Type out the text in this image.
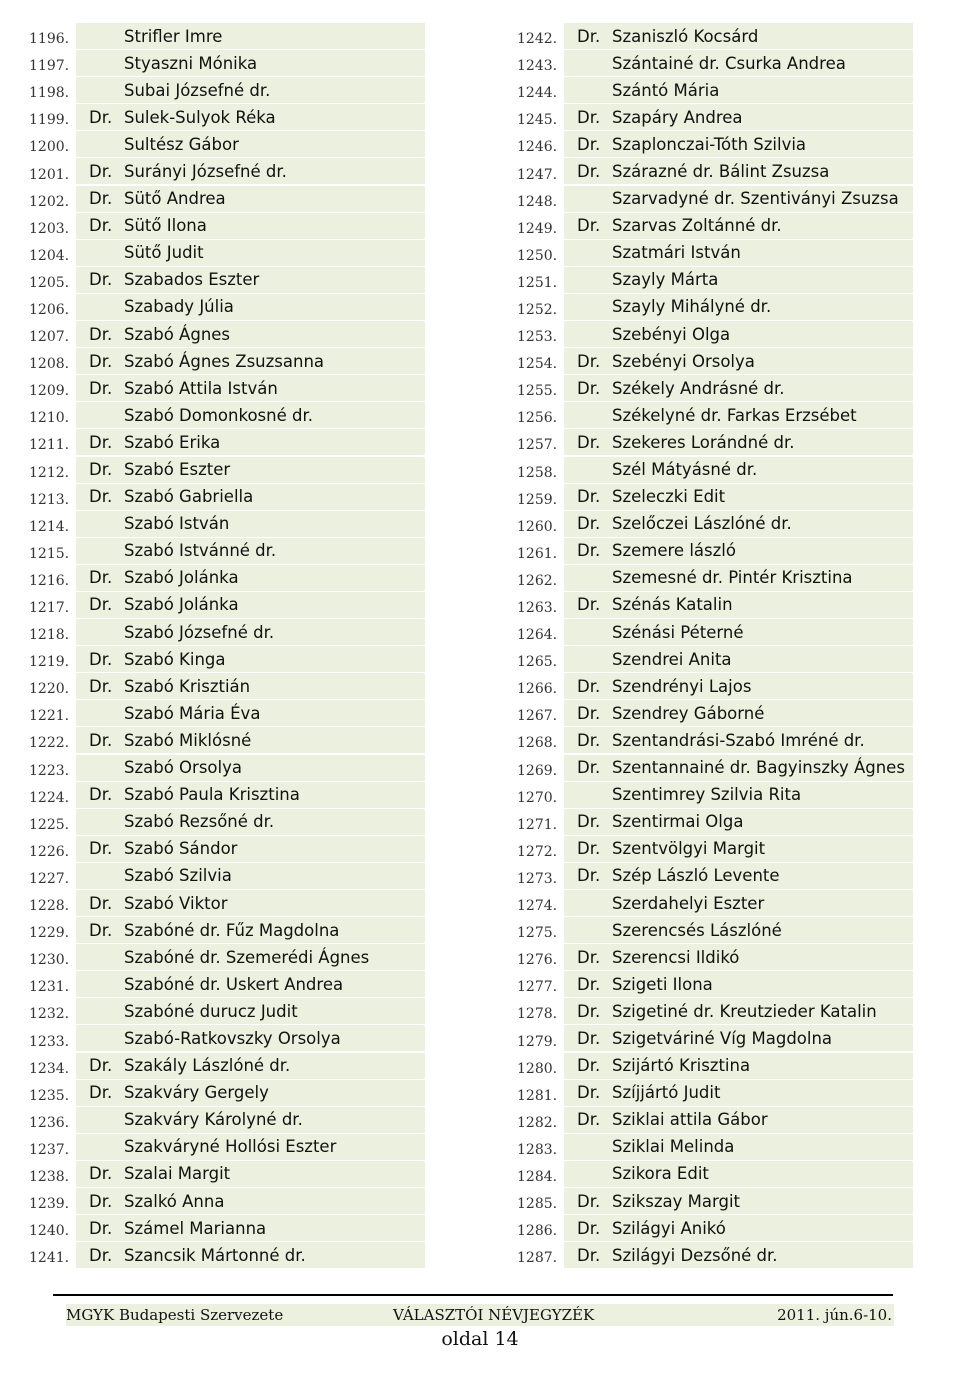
1196.	Strifler Imre
1197.	Styaszni Mónika
1198.	Subai Józsefné dr.
1199.	Dr. Sulek-Sulyok Réka
1200.	Sultész Gábor
1201.	Dr. Surányi Józsefné dr.
1202.	Dr. Sütő Andrea
1203.	Dr. Sütő Ilona
1204.	Sütő Judit
1205.	Dr. Szabados Eszter
1206.	Szabady Júlia
1207.	Dr. Szabó Ágnes
1208.	Dr. Szabó Ágnes Zsuzsanna
1209.	Dr. Szabó Attila István
1210.	Szabó Domonkosné dr.
1211.	Dr. Szabó Erika
1212.	Dr. Szabó Eszter
1213.	Dr. Szabó Gabriella
1214.	Szabó István
1215.	Szabó Istvánné dr.
1216.	Dr. Szabó Jolánka
1217.	Dr. Szabó Jolánka
1218.	Szabó Józsefné dr.
1219.	Dr. Szabó Kinga
1220.	Dr. Szabó Krisztián
1221.	Szabó Mária Éva
1222.	Dr. Szabó Miklósné
1223.	Szabó Orsolya
1224.	Dr. Szabó Paula Krisztina
1225.	Szabó Rezsőné dr.
1226.	Dr. Szabó Sándor
1227.	Szabó Szilvia
1228.	Dr. Szabó Viktor
1229.	Dr. Szabóné dr. Fűz Magdolna
1230.	Szabóné dr. Szemerédi Ágnes
1231.	Szabóné dr. Uskert Andrea
1232.	Szabóné durucz Judit
1233.	Szabó-Ratkovszky Orsolya
1234.	Dr. Szakály Lászlóné dr.
1235.	Dr. Szakváry Gergely
1236.	Szakváry Károlyné dr.
1237.	Szakváryné Hollósi Eszter
1238.	Dr. Szalai Margit
1239.	Dr. Szalkó Anna
1240.	Dr. Számel Marianna
1241.	Dr. Szancsik Mártonné dr.
1242.	Dr. Szaniszló Kocsárd
1243.	Szántainé dr. Csurka Andrea
1244.	Szántó Mária
1245.	Dr. Szapáry Andrea
1246.	Dr. Szaplonczai-Tóth Szilvia
1247.	Dr. Szárazné dr. Bálint Zsuzsa
1248.	Szarvadyné dr. Szentiványi Zsuzsa
1249.	Dr. Szarvas Zoltánné dr.
1250.	Szatmári István
1251.	Szayly Márta
1252.	Szayly Mihályné dr.
1253.	Szebényi Olga
1254.	Dr. Szebényi Orsolya
1255.	Dr. Székely Andrásné dr.
1256.	Székelyné dr. Farkas Erzsébet
1257.	Dr. Szekeres Lorándné dr.
1258.	Szél Mátyásné dr.
1259.	Dr. Szeleczki Edit
1260.	Dr. Szelőczei Lászlóné dr.
1261.	Dr. Szemere lászló
1262.	Szemesné dr. Pintér Krisztina
1263.	Dr. Szénás Katalin
1264.	Szénási Péterné
1265.	Szendrei Anita
1266.	Dr. Szendrényi Lajos
1267.	Dr. Szendrey Gáborné
1268.	Dr. Szentandrási-Szabó Imréné dr.
1269.	Dr. Szentannainé dr. Bagyinszky Ágnes
1270.	Szentimrey Szilvia Rita
1271.	Dr. Szentirmai Olga
1272.	Dr. Szentvölgyi Margit
1273.	Dr. Szép László Levente
1274.	Szerdahelyi Eszter
1275.	Szerencsés Lászlóné
1276.	Dr. Szerencsi Ildikó
1277.	Dr. Szigeti Ilona
1278.	Dr. Szigetiné dr. Kreutzieder Katalin
1279.	Dr. Szigetváriné Víg Magdolna
1280.	Dr. Szijártó Krisztina
1281.	Dr. Szíjjártó Judit
1282.	Dr. Sziklai attila Gábor
1283.	Sziklai Melinda
1284.	Szikora Edit
1285.	Dr. Szikszay Margit
1286.	Dr. Szilágyi Anikó
1287.	Dr. Szilágyi Dezsőné dr.
MGYK Budapesti Szervezete	VÁLASZTÓI NÉVJEGYZÉK	2011. jún.6-10.
oldal 14
